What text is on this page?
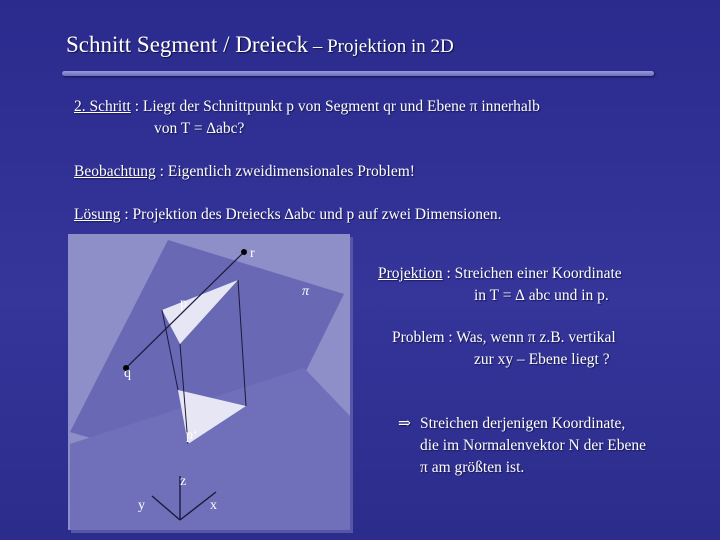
Schnitt Segment / Dreieck – Projektion in 2D
2. Schritt : Liegt der Schnittpunkt p von Segment qr und Ebene π innerhalb
von T = ∆abc?
Beobachtung : Eigentlich zweidimensionales Problem!
Lösung : Projektion des Dreiecks ∆abc und p auf zwei Dimensionen.
r
π
p
q
p‘
z
y	x
Projektion : Streichen einer Koordinate
in T = ∆ abc und in p.
Problem : Was, wenn π z.B. vertikal
zur xy – Ebene liegt ?
⇒ Streichen derjenigen Koordinate,
die im Normalenvektor N der Ebene
π am größten ist.
